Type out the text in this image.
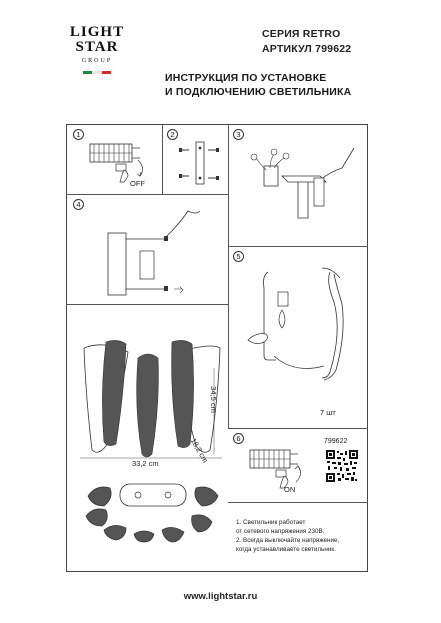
LIGHT
STAR
GROUP
СЕРИЯ RETRO
АРТИКУЛ 799622
ИНСТРУКЦИЯ ПО УСТАНОВКЕ
И ПОДКЛЮЧЕНИЮ СВЕТИЛЬНИКА
1	2	3
4
5
6
OFF
7 шт
34,5 cm
33,2 cm	18,2 cm
ON
799622
1. Светильник работает
от сетевого напряжения 230В.
2. Всегда выключайте напряжение,
когда устанавливаете светильник.
www.lightstar.ru
